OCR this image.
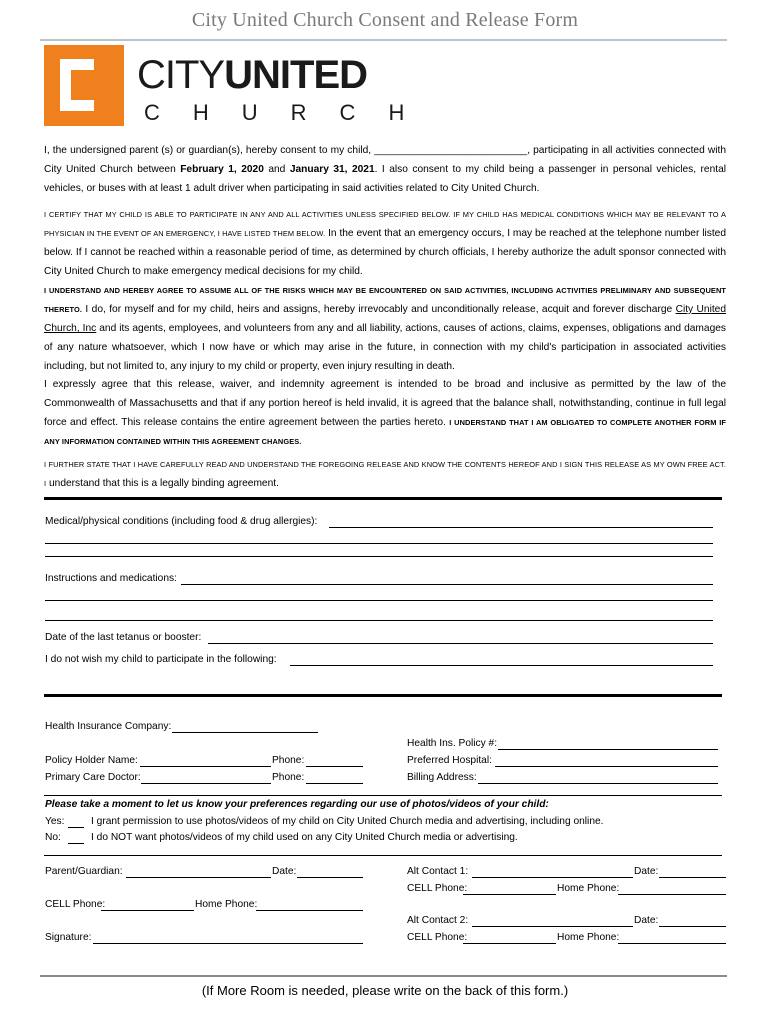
City United Church Consent and Release Form
CITYUNITED
CHURCH
I, the undersigned parent (s) or guardian(s), hereby consent to my child, ___________________________, participating in all activities connected with City United Church between February 1, 2020 and January 31, 2021. I also consent to my child being a passenger in personal vehicles, rental vehicles, or buses with at least 1 adult driver when participating in said activities related to City United Church.
I CERTIFY THAT MY CHILD IS ABLE TO PARTICIPATE IN ANY AND ALL ACTIVITIES UNLESS SPECIFIED BELOW. IF MY CHILD HAS MEDICAL CONDITIONS WHICH MAY BE RELEVANT TO A PHYSICIAN IN THE EVENT OF AN EMERGENCY, I HAVE LISTED THEM BELOW. In the event that an emergency occurs, I may be reached at the telephone number listed below. If I cannot be reached within a reasonable period of time, as determined by church officials, I hereby authorize the adult sponsor connected with City United Church to make emergency medical decisions for my child.
I UNDERSTAND AND HEREBY AGREE TO ASSUME ALL OF THE RISKS WHICH MAY BE ENCOUNTERED ON SAID ACTIVITIES, INCLUDING ACTIVITIES PRELIMINARY AND SUBSEQUENT THERETO. I do, for myself and for my child, heirs and assigns, hereby irrevocably and unconditionally release, acquit and forever discharge City United Church, Inc and its agents, employees, and volunteers from any and all liability, actions, causes of actions, claims, expenses, obligations and damages of any nature whatsoever, which I now have or which may arise in the future, in connection with my child's participation in associated activities including, but not limited to, any injury to my child or property, even injury resulting in death.
I expressly agree that this release, waiver, and indemnity agreement is intended to be broad and inclusive as permitted by the law of the Commonwealth of Massachusetts and that if any portion hereof is held invalid, it is agreed that the balance shall, notwithstanding, continue in full legal force and effect. This release contains the entire agreement between the parties hereto. I UNDERSTAND THAT I AM OBLIGATED TO COMPLETE ANOTHER FORM IF ANY INFORMATION CONTAINED WITHIN THIS AGREEMENT CHANGES.
I FURTHER STATE THAT I HAVE CAREFULLY READ AND UNDERSTAND THE FOREGOING RELEASE AND KNOW THE CONTENTS HEREOF AND I SIGN THIS RELEASE AS MY OWN FREE ACT. I understand that this is a legally binding agreement.
Medical/physical conditions (including food & drug allergies):
Instructions and medications:
Date of the last tetanus or booster:
I do not wish my child to participate in the following:
Health Insurance Company:
Health Ins. Policy #:
Policy Holder Name:	Phone:	Preferred Hospital:
Primary Care Doctor:	Phone:	Billing Address:
Please take a moment to let us know your preferences regarding our use of photos/videos of your child:
Yes:	I grant permission to use photos/videos of my child on City United Church media and advertising, including online.
No:	I do NOT want photos/videos of my child used on any City United Church media or advertising.
Parent/Guardian:	Date:
CELL Phone:	Home Phone:
Signature:
Alt Contact 1:	Date:
CELL Phone:	Home Phone:
Alt Contact 2:	Date:
CELL Phone:	Home Phone:
(If More Room is needed, please write on the back of this form.)
